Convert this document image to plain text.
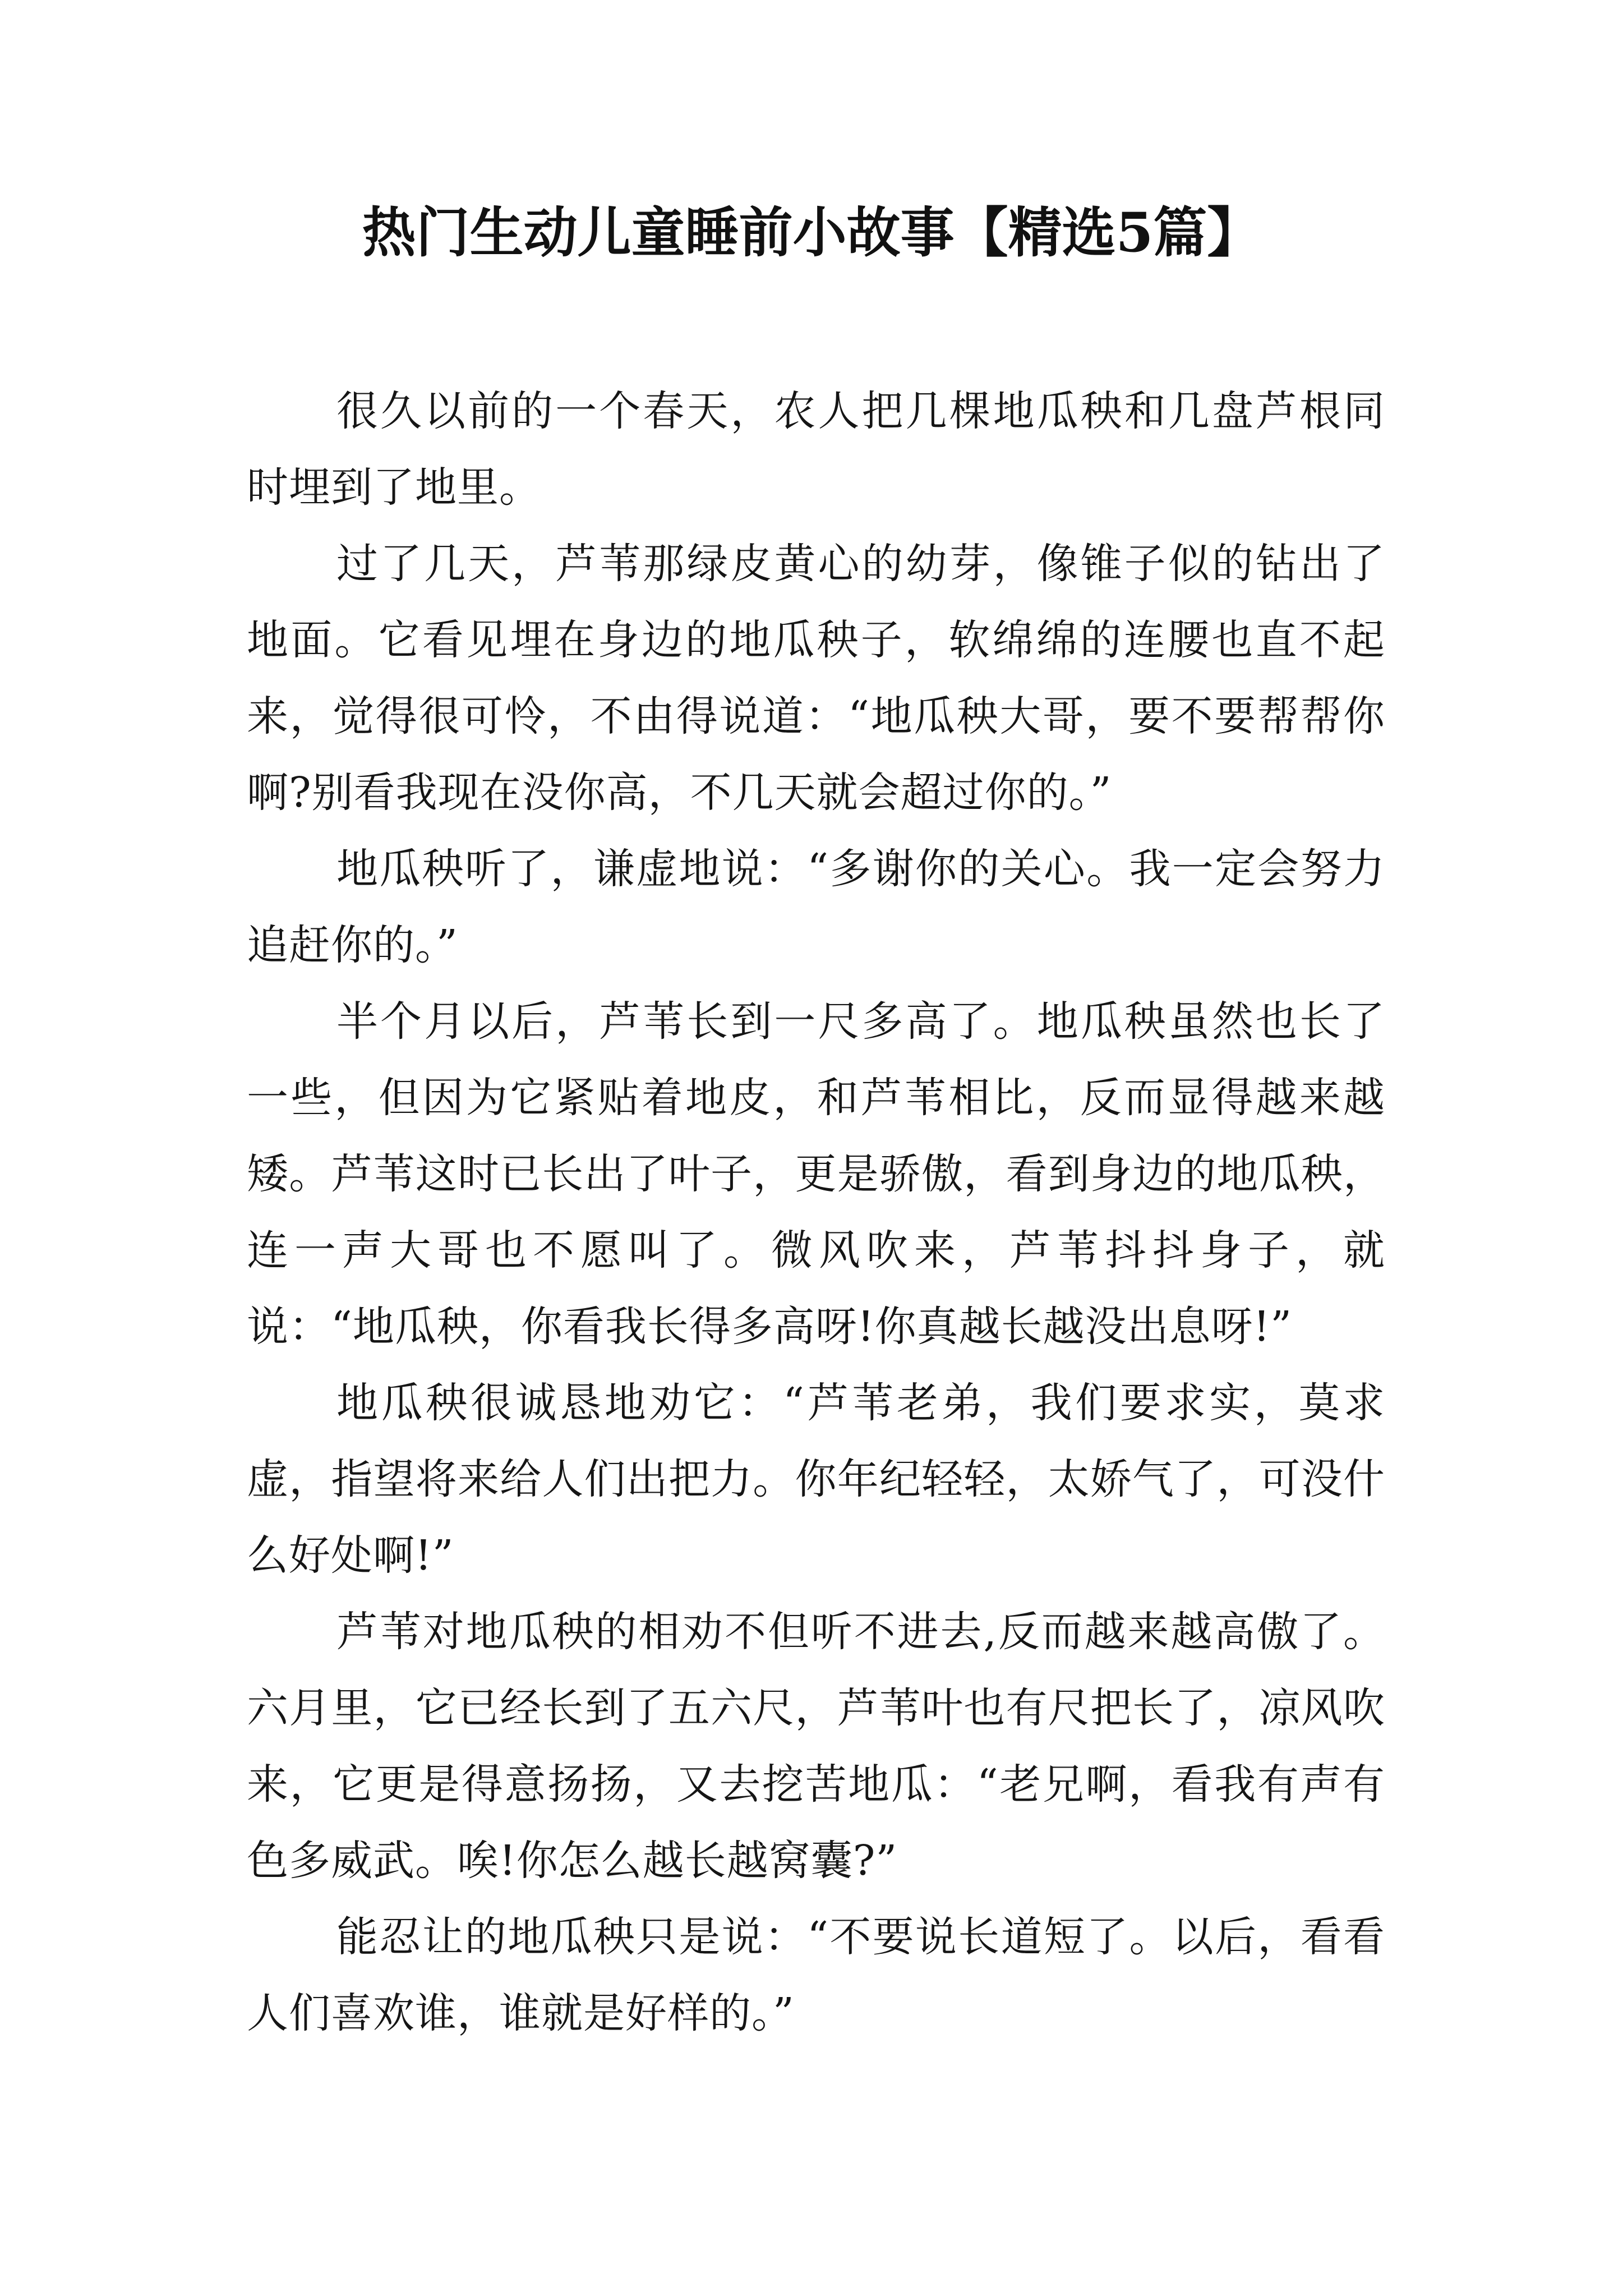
热门生动儿童睡前小故事【精选5篇】

很久以前的一个春天，农人把几棵地瓜秧和几盘芦根同时埋到了地里。

过了几天，芦苇那绿皮黄心的幼芽，像锥子似的钻出了地面。它看见埋在身边的地瓜秧子，软绵绵的连腰也直不起来，觉得很可怜，不由得说道：“地瓜秧大哥，要不要帮帮你啊?别看我现在没你高，不几天就会超过你的。”

地瓜秧听了，谦虚地说：“多谢你的关心。我一定会努力追赶你的。”

半个月以后，芦苇长到一尺多高了。地瓜秧虽然也长了一些，但因为它紧贴着地皮，和芦苇相比，反而显得越来越矮。芦苇这时已长出了叶子，更是骄傲，看到身边的地瓜秧，连一声大哥也不愿叫了。微风吹来，芦苇抖抖身子，就说：“地瓜秧，你看我长得多高呀!你真越长越没出息呀!”

地瓜秧很诚恳地劝它：“芦苇老弟，我们要求实，莫求虚，指望将来给人们出把力。你年纪轻轻，太娇气了，可没什么好处啊!”

芦苇对地瓜秧的相劝不但听不进去,反而越来越高傲了。六月里，它已经长到了五六尺，芦苇叶也有尺把长了，凉风吹来，它更是得意扬扬，又去挖苦地瓜：“老兄啊，看我有声有色多威武。唉!你怎么越长越窝囊?”

能忍让的地瓜秧只是说：“不要说长道短了。以后，看看人们喜欢谁，谁就是好样的。”
